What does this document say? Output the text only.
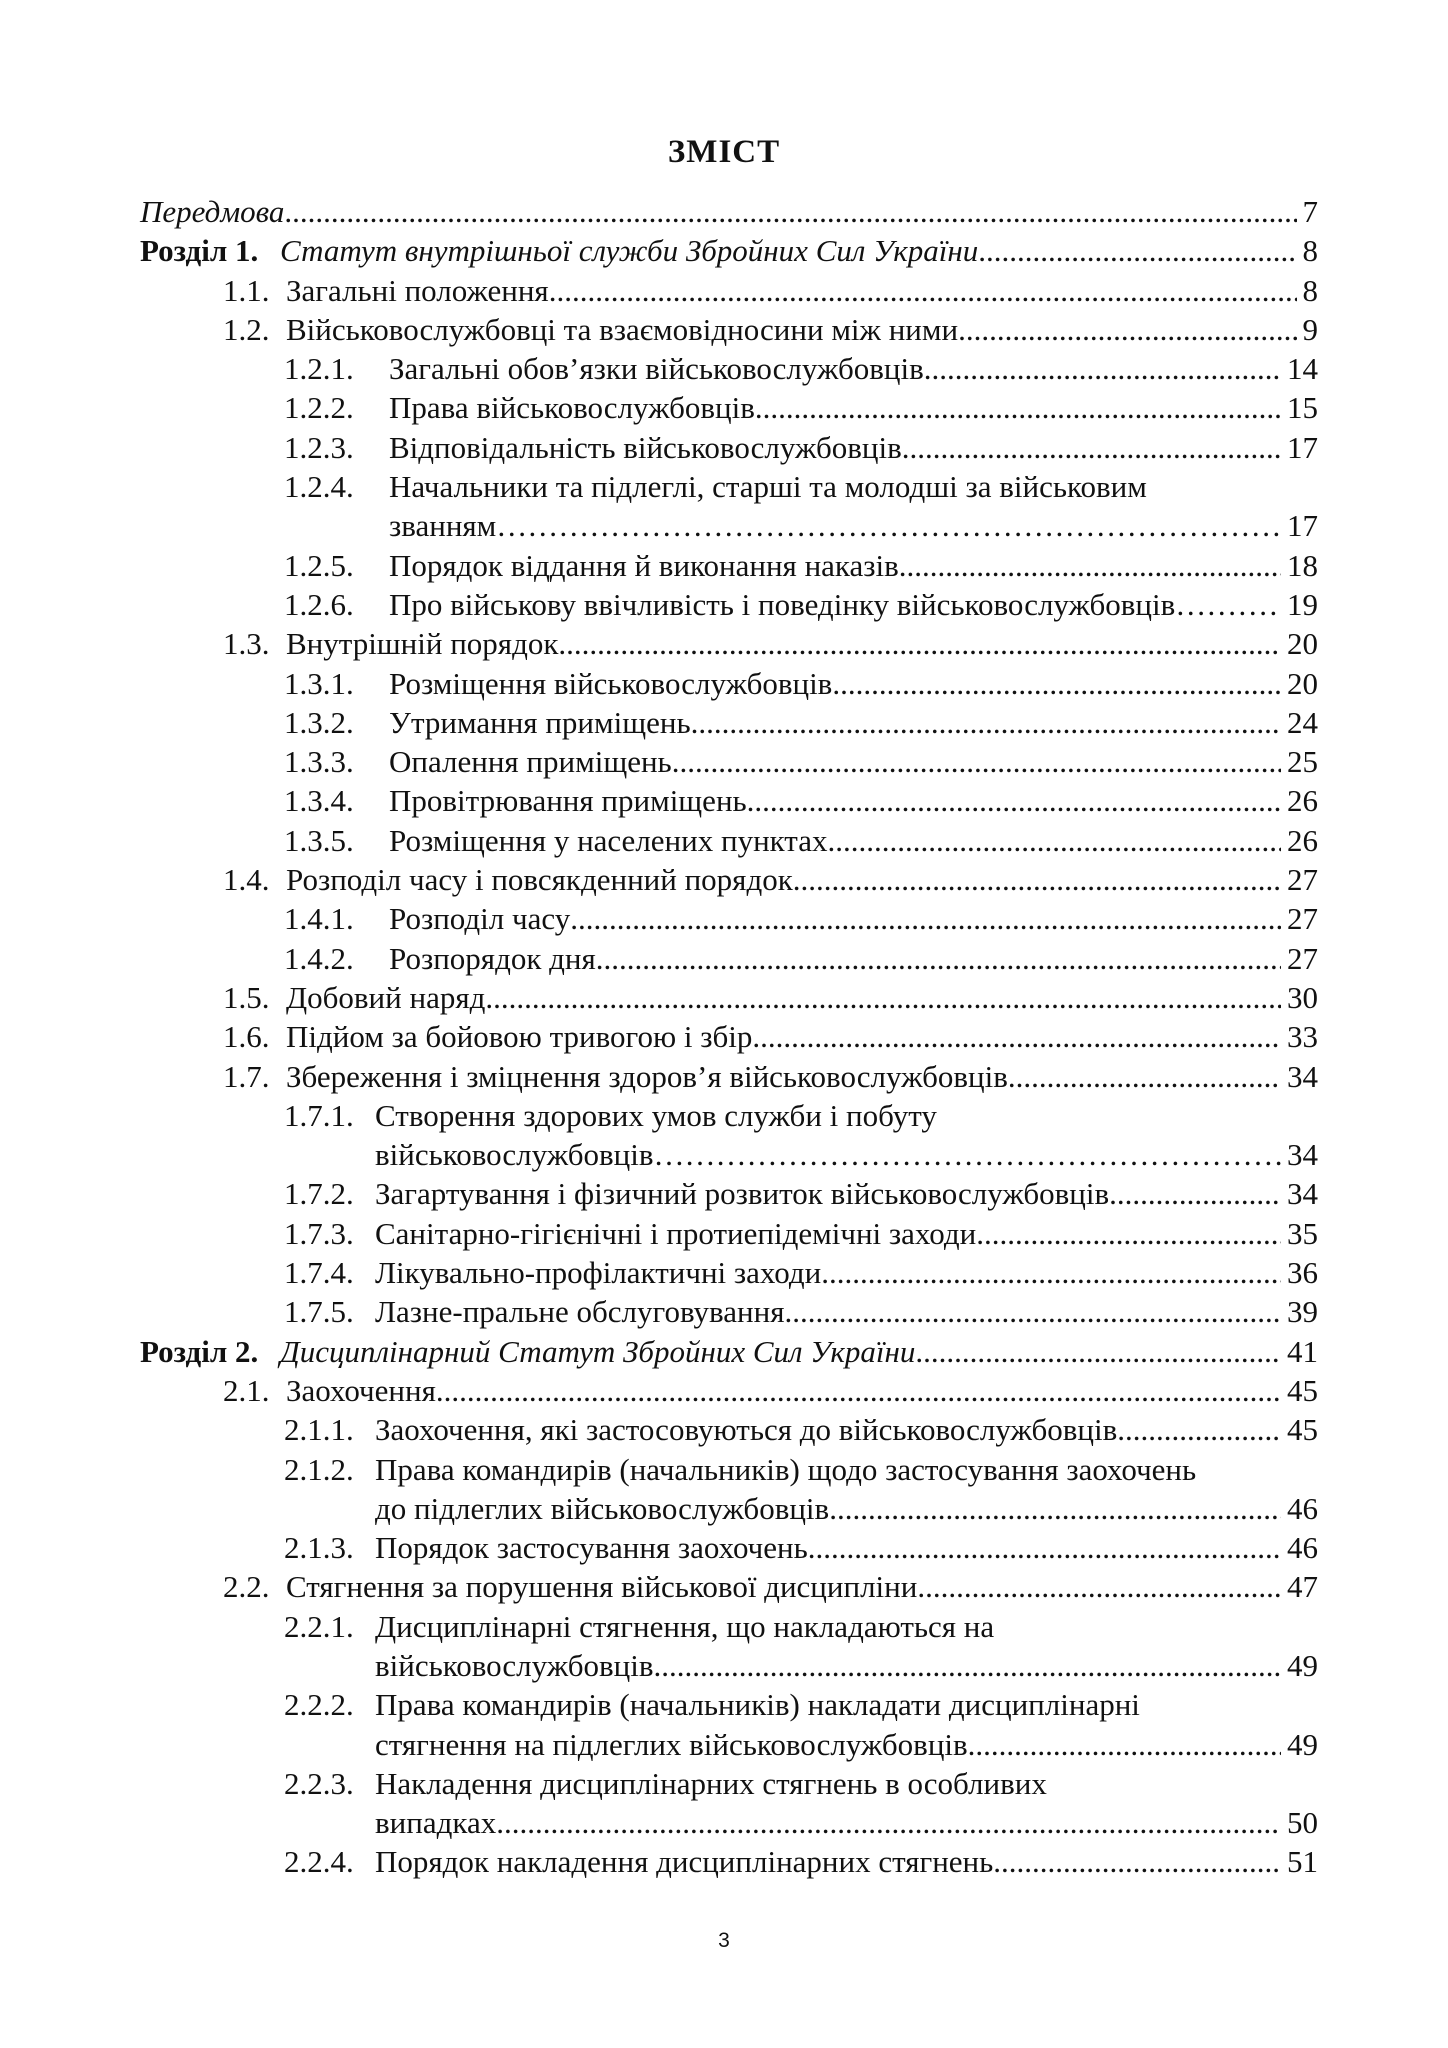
ЗМІСТ
Передмова .....	7
Розділ 1. Статут внутрішньої служби Збройних Сил України .....	8
1.1. Загальні положення .....	8
1.2. Військовослужбовці та взаємовідносини між ними .....	9
1.2.1. Загальні обов’язки військовослужбовців .....	14
1.2.2. Права військовослужбовців .....	15
1.2.3. Відповідальність військовослужбовців .....	17
1.2.4. Начальники та підлеглі, старші та молодші за військовим
званням …………………………………………………………………………………………………………………………………………………………………………………………	17
1.2.5. Порядок віддання й виконання наказів .....	18
1.2.6. Про військову ввічливість і поведінку військовослужбовців …………………………………………………………………………………………………………………………………………………………………………………………	19
1.3. Внутрішній порядок .....	20
1.3.1. Розміщення військовослужбовців .....	20
1.3.2. Утримання приміщень .....	24
1.3.3. Опалення приміщень .....	25
1.3.4. Провітрювання приміщень .....	26
1.3.5. Розміщення у населених пунктах .....	26
1.4. Розподіл часу і повсякденний порядок .....	27
1.4.1. Розподіл часу .....	27
1.4.2. Розпорядок дня .....	27
1.5. Добовий наряд .....	30
1.6. Підйом за бойовою тривогою і збір .....	33
1.7. Збереження і зміцнення здоров’я військовослужбовців .....	34
1.7.1. Створення здорових умов служби і побуту
військовослужбовців …………………………………………………………………………………………………………………………………………………………………………………………	34
1.7.2. Загартування і фізичний розвиток військовослужбовців .....	34
1.7.3. Санітарно-гігієнічні і протиепідемічні заходи .....	35
1.7.4. Лікувально-профілактичні заходи .....	36
1.7.5. Лазне-пральне обслуговування .....	39
Розділ 2. Дисциплінарний Статут Збройних Сил України .....	41
2.1. Заохочення .....	45
2.1.1. Заохочення, які застосовуються до військовослужбовців .....	45
2.1.2. Права командирів (начальників) щодо застосування заохочень
до підлеглих військовослужбовців .....	46
2.1.3. Порядок застосування заохочень .....	46
2.2. Стягнення за порушення військової дисципліни .....	47
2.2.1. Дисциплінарні стягнення, що накладаються на
військовослужбовців .....	49
2.2.2. Права командирів (начальників) накладати дисциплінарні
стягнення на підлеглих військовослужбовців .....	49
2.2.3. Накладення дисциплінарних стягнень в особливих
випадках .....	50
2.2.4. Порядок накладення дисциплінарних стягнень .....	51
3
